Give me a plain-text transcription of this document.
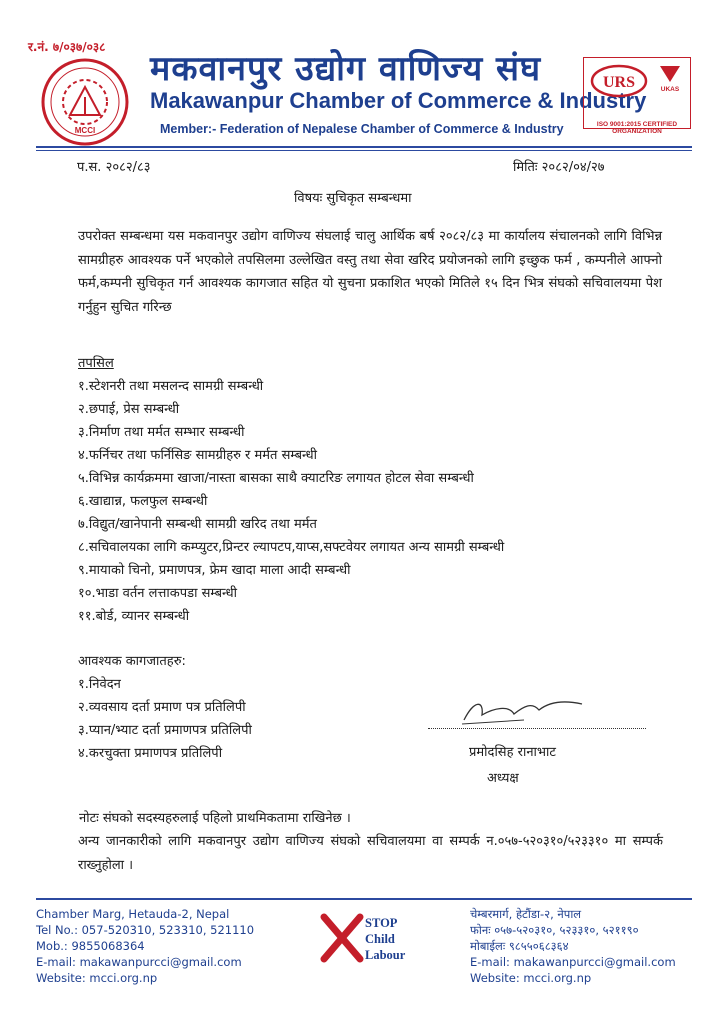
र.नं. ७/०३७/०३८
MCCI
मकवानपुर उद्योग वाणिज्य संघ
Makawanpur Chamber of Commerce & Industry
Member:- Federation of Nepalese Chamber of Commerce & Industry
URS	UKAS
ISO 9001:2015 CERTIFIED ORGANIZATION
प.स. २०८२/८३	मितिः २०८२/०४/२७
विषयः सुचिकृत सम्बन्धमा
उपरोक्त सम्बन्धमा यस मकवानपुर उद्योग वाणिज्य संघलाई चालु आर्थिक बर्ष २०८२/८३ मा कार्यालय संचालनको लागि विभिन्न सामग्रीहरु आवश्यक पर्ने भएकोले तपसिलमा उल्लेखित वस्तु तथा सेवा खरिद प्रयोजनको लागि इच्छुक फर्म , कम्पनीले आफ्नो फर्म,कम्पनी सुचिकृत गर्न आवश्यक कागजात सहित यो सुचना प्रकाशित भएको मितिले १५ दिन भित्र संघको सचिवालयमा पेश गर्नुहुन सुचित गरिन्छ
तपसिल
१.स्टेशनरी तथा मसलन्द सामग्री सम्बन्धी
२.छपाई, प्रेस सम्बन्धी
३.निर्माण तथा मर्मत सम्भार सम्बन्धी
४.फर्निचर तथा फर्निसिङ सामग्रीहरु र मर्मत सम्बन्धी
५.विभिन्न कार्यक्रममा खाजा/नास्ता बासका साथै क्याटरिङ लगायत होटल सेवा सम्बन्धी
६.खाद्यान्न, फलफुल सम्बन्धी
७.विद्युत/खानेपानी सम्बन्धी सामग्री खरिद तथा मर्मत
८.सचिवालयका लागि कम्प्युटर,प्रिन्टर ल्यापटप,याप्स,सफ्टवेयर लगायत अन्य सामग्री सम्बन्धी
९.मायाको चिनो, प्रमाणपत्र, फ्रेम खादा माला आदी सम्बन्धी
१०.भाडा वर्तन लत्ताकपडा सम्बन्धी
११.बोर्ड, व्यानर सम्बन्धी
आवश्यक कागजातहरु:
१.निवेदन
२.व्यवसाय दर्ता प्रमाण पत्र प्रतिलिपी
३.प्यान/भ्याट दर्ता प्रमाणपत्र प्रतिलिपी
४.करचुक्ता प्रमाणपत्र प्रतिलिपी	प्रमोदसिह रानाभाट
अध्यक्ष
नोटः संघको सदस्यहरुलाई पहिलो प्राथमिकतामा राखिनेछ ।
अन्य जानकारीको लागि मकवानपुर उद्योग वाणिज्य संघको सचिवालयमा वा सम्पर्क न.०५७-५२०३१०/५२३३१० मा सम्पर्क राख्नुहोला ।
Chamber Marg, Hetauda-2, Nepal
Tel No.: 057-520310, 523310, 521110
Mob.: 9855068364
E-mail: makawanpurcci@gmail.com
Website: mcci.org.np
STOP
Child
Labour
चेम्बरमार्ग, हेटौंडा-२, नेपाल
फोनः ०५७-५२०३१०, ५२३३१०, ५२११९०
मोबाईलः ९८५५०६८३६४
E-mail: makawanpurcci@gmail.com
Website: mcci.org.np
